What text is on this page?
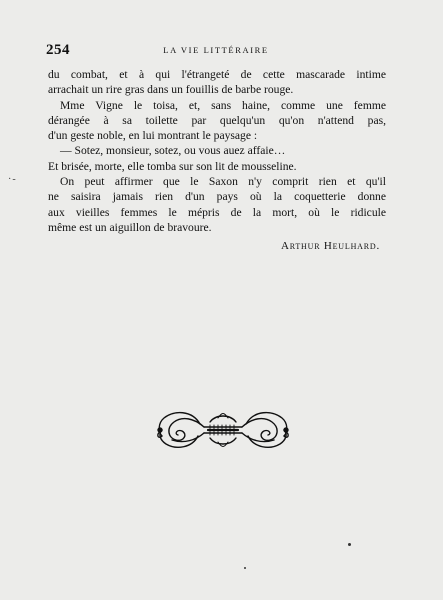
254	LA VIE LITTÉRAIRE
·-
du combat, et à qui l'étrangeté de cette mascarade intime
arrachait un rire gras dans un fouillis de barbe rouge.
Mme Vigne le toisa, et, sans haine, comme une femme
dérangée à sa toilette par quelqu'un qu'on n'attend pas,
d'un geste noble, en lui montrant le paysage :
— Sotez, monsieur, sotez, ou vous auez affaie…
Et brisée, morte, elle tomba sur son lit de mousseline.
On peut affirmer que le Saxon n'y comprit rien et qu'il
ne saisira jamais rien d'un pays où la coquetterie donne
aux vieilles femmes le mépris de la mort, où le ridicule
même est un aiguillon de bravoure.
Arthur Heulhard.
